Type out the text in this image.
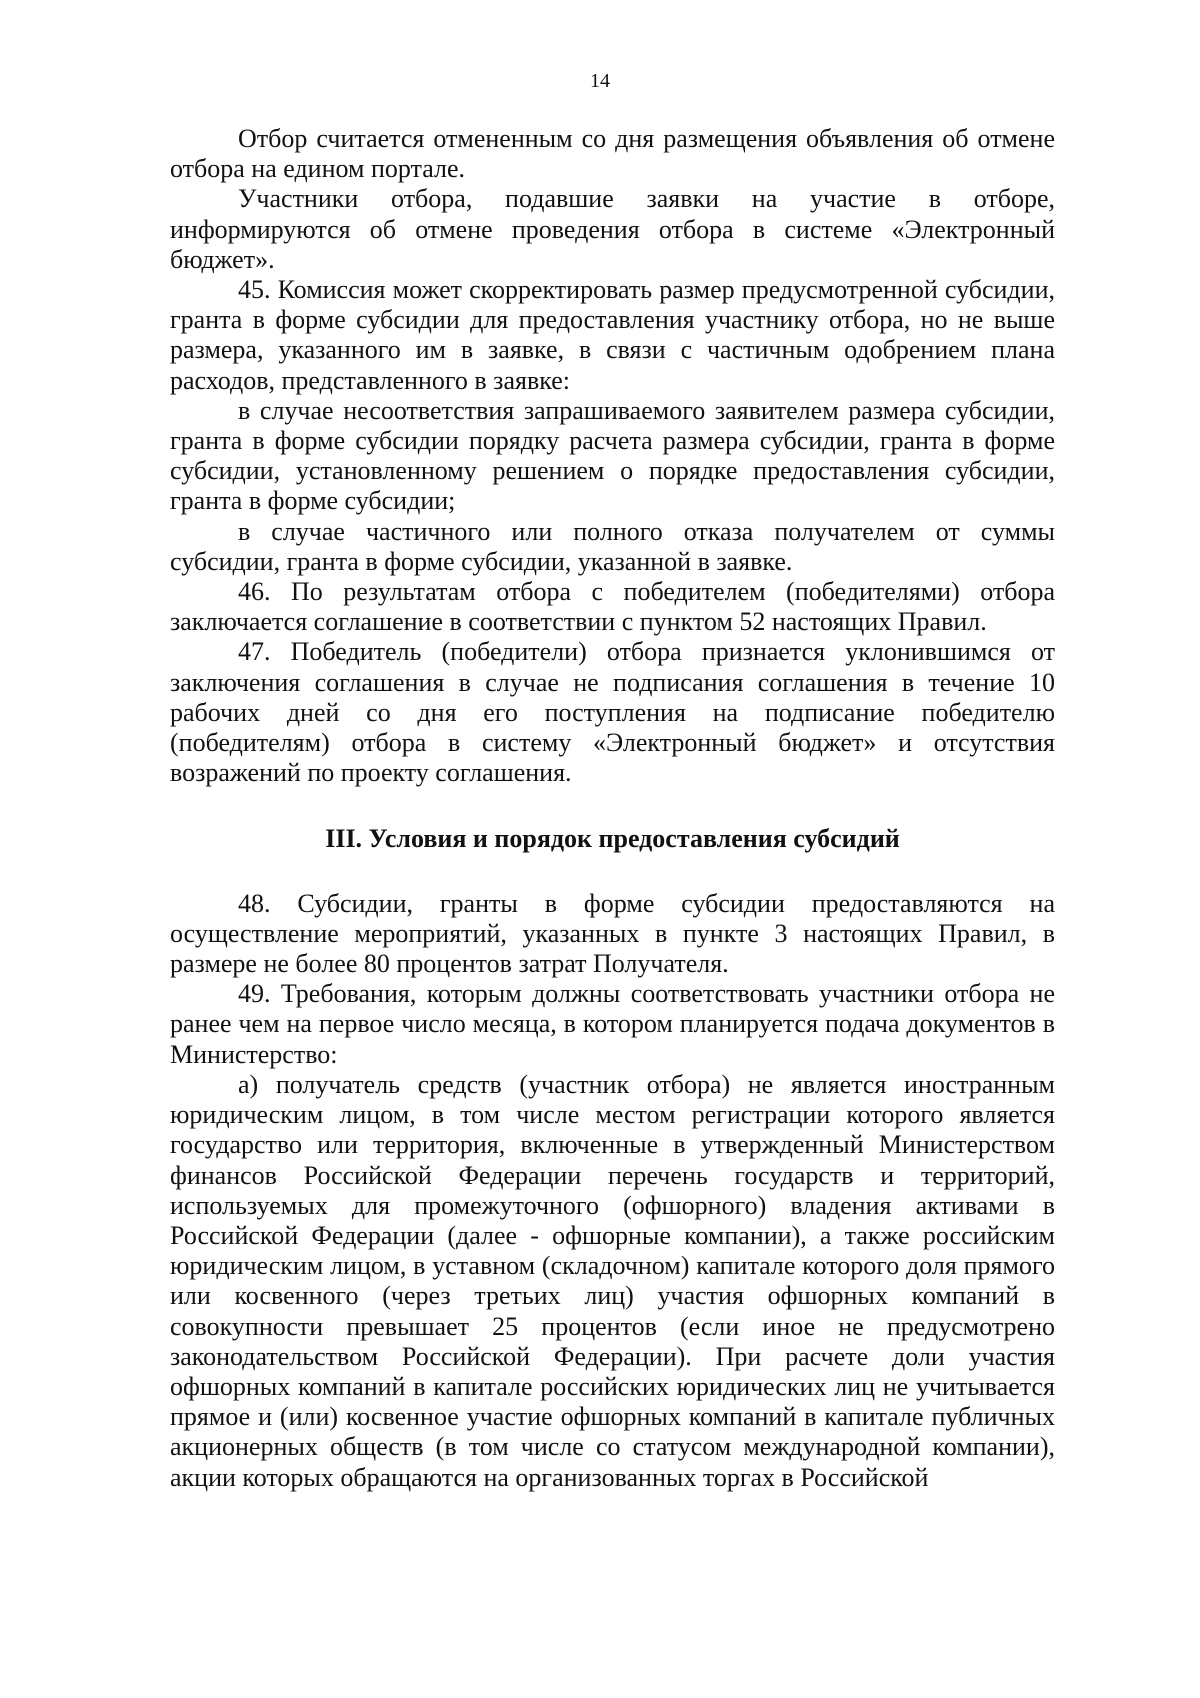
14

Отбор считается отмененным со дня размещения объявления об отмене отбора на едином портале.

Участники отбора, подавшие заявки на участие в отборе, информируются об отмене проведения отбора в системе «Электронный бюджет».

45. Комиссия может скорректировать размер предусмотренной субсидии, гранта в форме субсидии для предоставления участнику отбора, но не выше размера, указанного им в заявке, в связи с частичным одобрением плана расходов, представленного в заявке:

в случае несоответствия запрашиваемого заявителем размера субсидии, гранта в форме субсидии порядку расчета размера субсидии, гранта в форме субсидии, установленному решением о порядке предоставления субсидии, гранта в форме субсидии;

в случае частичного или полного отказа получателем от суммы субсидии, гранта в форме субсидии, указанной в заявке.

46. По результатам отбора с победителем (победителями) отбора заключается соглашение в соответствии с пунктом 52 настоящих Правил.

47. Победитель (победители) отбора признается уклонившимся от заключения соглашения в случае не подписания соглашения в течение 10 рабочих дней со дня его поступления на подписание победителю (победителям) отбора в систему «Электронный бюджет» и отсутствия возражений по проекту соглашения.

III. Условия и порядок предоставления субсидий

48. Субсидии, гранты в форме субсидии предоставляются на осуществление мероприятий, указанных в пункте 3 настоящих Правил, в размере не более 80 процентов затрат Получателя.

49. Требования, которым должны соответствовать участники отбора не ранее чем на первое число месяца, в котором планируется подача документов в Министерство:

а) получатель средств (участник отбора) не является иностранным юридическим лицом, в том числе местом регистрации которого является государство или территория, включенные в утвержденный Министерством финансов Российской Федерации перечень государств и территорий, используемых для промежуточного (офшорного) владения активами в Российской Федерации (далее - офшорные компании), а также российским юридическим лицом, в уставном (складочном) капитале которого доля прямого или косвенного (через третьих лиц) участия офшорных компаний в совокупности превышает 25 процентов (если иное не предусмотрено законодательством Российской Федерации). При расчете доли участия офшорных компаний в капитале российских юридических лиц не учитывается прямое и (или) косвенное участие офшорных компаний в капитале публичных акционерных обществ (в том числе со статусом международной компании), акции которых обращаются на организованных торгах в Российской
